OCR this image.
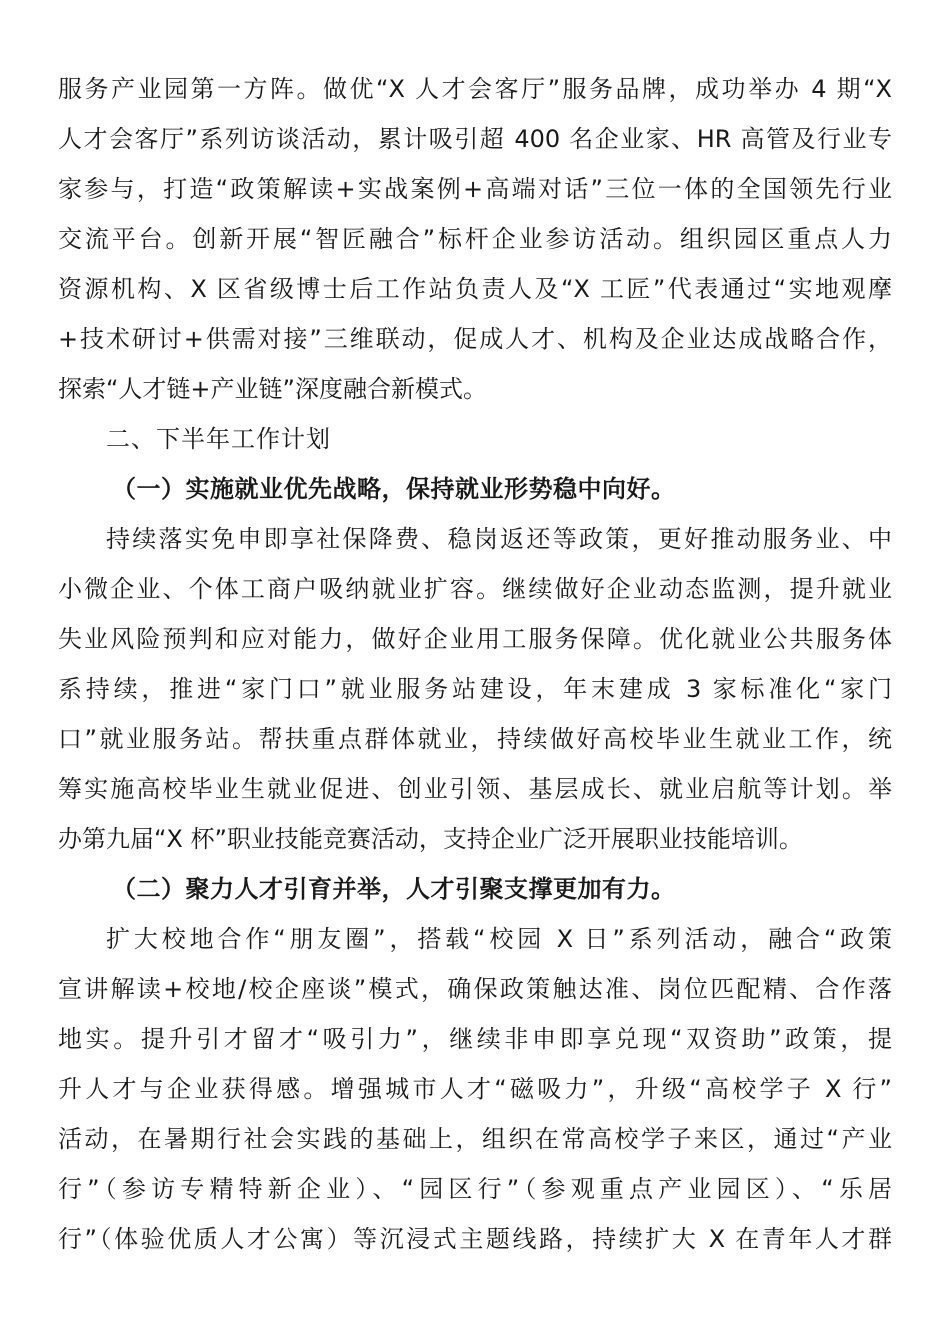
服务产业园第一方阵。做优“X 人才会客厅”服务品牌，成功举办 4 期“X
人才会客厅”系列访谈活动，累计吸引超 400 名企业家、HR 高管及行业专
家参与，打造“政策解读+实战案例+高端对话”三位一体的全国领先行业
交流平台。创新开展“智匠融合”标杆企业参访活动。组织园区重点人力
资源机构、X 区省级博士后工作站负责人及“X 工匠”代表通过“实地观摩
+技术研讨+供需对接”三维联动，促成人才、机构及企业达成战略合作，
探索“人才链+产业链”深度融合新模式。
二、下半年工作计划
（一）实施就业优先战略，保持就业形势稳中向好。
持续落实免申即享社保降费、稳岗返还等政策，更好推动服务业、中
小微企业、个体工商户吸纳就业扩容。继续做好企业动态监测，提升就业
失业风险预判和应对能力，做好企业用工服务保障。优化就业公共服务体
系持续，推进“家门口”就业服务站建设，年末建成 3 家标准化“家门
口”就业服务站。帮扶重点群体就业，持续做好高校毕业生就业工作，统
筹实施高校毕业生就业促进、创业引领、基层成长、就业启航等计划。举
办第九届“X 杯”职业技能竞赛活动，支持企业广泛开展职业技能培训。
（二）聚力人才引育并举，人才引聚支撑更加有力。
扩大校地合作“朋友圈”，搭载“校园 X 日”系列活动，融合“政策
宣讲解读+校地/校企座谈”模式，确保政策触达准、岗位匹配精、合作落
地实。提升引才留才“吸引力”，继续非申即享兑现“双资助”政策，提
升人才与企业获得感。增强城市人才“磁吸力”，升级“高校学子 X 行”
活动，在暑期行社会实践的基础上，组织在常高校学子来区，通过“产业
行”（参访专精特新企业）、“园区行”（参观重点产业园区）、“乐居
行”（体验优质人才公寓）等沉浸式主题线路，持续扩大 X 在青年人才群
